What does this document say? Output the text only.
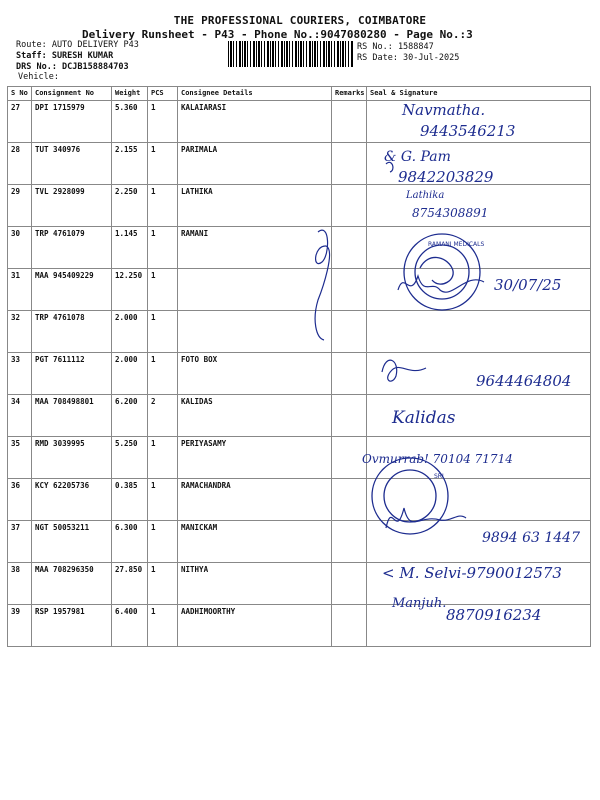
THE PROFESSIONAL COURIERS, COIMBATORE
Delivery Runsheet - P43 - Phone No.:9047080280 - Page No.:3
Route: AUTO DELIVERY P43
Staff: SURESH KUMAR
DRS No.: DCJB158884703
Vehicle:
RS No.: 1588847
RS Date: 30-Jul-2025
S No	Consignment No	Weight	PCS	Consignee Details	Remarks	Seal & Signature
27	DPI 1715979	5.360	1	KALAIARASI		
28	TUT 340976	2.155	1	PARIMALA		
29	TVL 2928099	2.250	1	LATHIKA		
30	TRP 4761079	1.145	1	RAMANI		
31	MAA 945409229	12.250	1			
32	TRP 4761078	2.000	1			
33	PGT 7611112	2.000	1	FOTO BOX		
34	MAA 708498801	6.200	2	KALIDAS		
35	RMD 3039995	5.250	1	PERIYASAMY		
36	KCY 62205736	0.385	1	RAMACHANDRA		
37	NGT 50053211	6.300	1	MANICKAM		
38	MAA 708296350	27.850	1	NITHYA		
39	RSP 1957981	6.400	1	AADHIMOORTHY		
RAMANI MEDICALS
SRI
Navmatha.
9443546213
& G. Pam
9842203829
Lathika
8754308891
30/07/25
9644464804
Kalidas
Ovmurrab! 70104 71714
9894 63 1447
< M. Selvi-9790012573
Manjuh.
8870916234
